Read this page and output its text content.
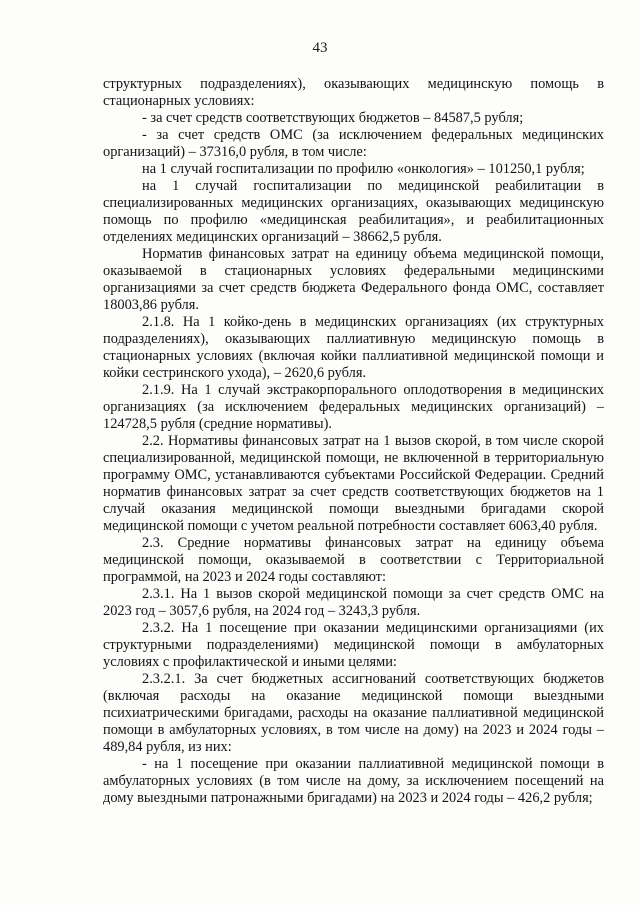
43

структурных подразделениях), оказывающих медицинскую помощь в стационарных условиях:

- за счет средств соответствующих бюджетов – 84587,5 рубля;

- за счет средств ОМС (за исключением федеральных медицинских организаций) – 37316,0 рубля, в том числе:

на 1 случай госпитализации по профилю «онкология» – 101250,1 рубля;

на 1 случай госпитализации по медицинской реабилитации в специализированных медицинских организациях, оказывающих медицинскую помощь по профилю «медицинская реабилитация», и реабилитационных отделениях медицинских организаций – 38662,5 рубля.

Норматив финансовых затрат на единицу объема медицинской помощи, оказываемой в стационарных условиях федеральными медицинскими организациями за счет средств бюджета Федерального фонда ОМС, составляет 18003,86 рубля.

2.1.8. На 1 койко-день в медицинских организациях (их структурных подразделениях), оказывающих паллиативную медицинскую помощь в стационарных условиях (включая койки паллиативной медицинской помощи и койки сестринского ухода), – 2620,6 рубля.

2.1.9. На 1 случай экстракорпорального оплодотворения в медицинских организациях (за исключением федеральных медицинских организаций) – 124728,5 рубля (средние нормативы).

2.2. Нормативы финансовых затрат на 1 вызов скорой, в том числе скорой специализированной, медицинской помощи, не включенной в территориальную программу ОМС, устанавливаются субъектами Российской Федерации. Средний норматив финансовых затрат за счет средств соответствующих бюджетов на 1 случай оказания медицинской помощи выездными бригадами скорой медицинской помощи с учетом реальной потребности составляет 6063,40 рубля.

2.3. Средние нормативы финансовых затрат на единицу объема медицинской помощи, оказываемой в соответствии с Территориальной программой, на 2023 и 2024 годы составляют:

2.3.1. На 1 вызов скорой медицинской помощи за счет средств ОМС на 2023 год – 3057,6 рубля, на 2024 год – 3243,3 рубля.

2.3.2. На 1 посещение при оказании медицинскими организациями (их структурными подразделениями) медицинской помощи в амбулаторных условиях с профилактической и иными целями:

2.3.2.1. За счет бюджетных ассигнований соответствующих бюджетов (включая расходы на оказание медицинской помощи выездными психиатрическими бригадами, расходы на оказание паллиативной медицинской помощи в амбулаторных условиях, в том числе на дому) на 2023 и 2024 годы – 489,84 рубля, из них:

- на 1 посещение при оказании паллиативной медицинской помощи в амбулаторных условиях (в том числе на дому, за исключением посещений на дому выездными патронажными бригадами) на 2023 и 2024 годы – 426,2 рубля;
